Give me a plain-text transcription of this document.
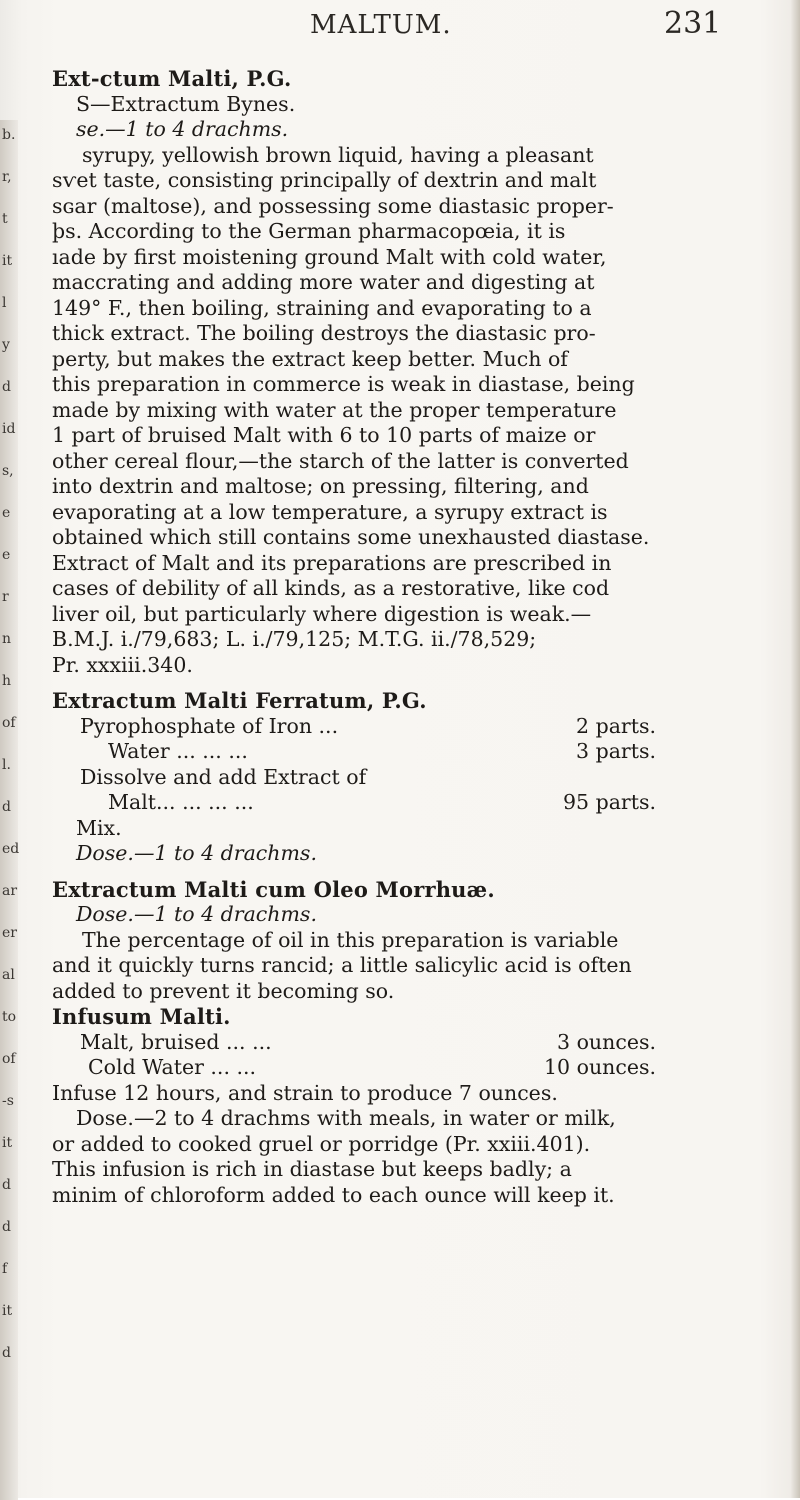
b.
r,
t
it
l
y
d
id
s,
e
e
r
n
h
of
l.
d
ed
ar
er
al
to
of
-s
it
d
d
f
it
d
MALTUM.	231
Ext-ctum Malti, P.G.
S—Extractum Bynes.
se.—1 to 4 drachms.
syrupy, yellowish brown liquid, having a pleasant
sѵet taste, consisting principally of dextrin and malt
sɢar (maltose), and possessing some diastasic proper-
þs. According to the German pharmacopœia, it is
ıade by first moistening ground Malt with cold water,
maccrating and adding more water and digesting at
149° F., then boiling, straining and evaporating to a
thick extract. The boiling destroys the diastasic pro-
perty, but makes the extract keep better. Much of
this preparation in commerce is weak in diastase, being
made by mixing with water at the proper temperature
1 part of bruised Malt with 6 to 10 parts of maize or
other cereal flour,—the starch of the latter is converted
into dextrin and maltose; on pressing, filtering, and
evaporating at a low temperature, a syrupy extract is
obtained which still contains some unexhausted diastase.
Extract of Malt and its preparations are prescribed in
cases of debility of all kinds, as a restorative, like cod
liver oil, but particularly where digestion is weak.—
B.M.J. i./79,683; L. i./79,125; M.T.G. ii./78,529;
Pr. xxxiii.340.
Extractum Malti Ferratum, P.G.
Pyrophosphate of Iron ...	2 parts.
Water ... ... ...	3 parts.
Dissolve and add Extract of
Malt... ... ... ...	95 parts.
Mix.
Dose.—1 to 4 drachms.
Extractum Malti cum Oleo Morrhuæ.
Dose.—1 to 4 drachms.
The percentage of oil in this preparation is variable
and it quickly turns rancid; a little salicylic acid is often
added to prevent it becoming so.
Infusum Malti.
Malt, bruised ... ...	3 ounces.
Cold Water ... ...	10 ounces.
Infuse 12 hours, and strain to produce 7 ounces.
Dose.—2 to 4 drachms with meals, in water or milk,
or added to cooked gruel or porridge (Pr. xxiii.401).
This infusion is rich in diastase but keeps badly; a
minim of chloroform added to each ounce will keep it.
